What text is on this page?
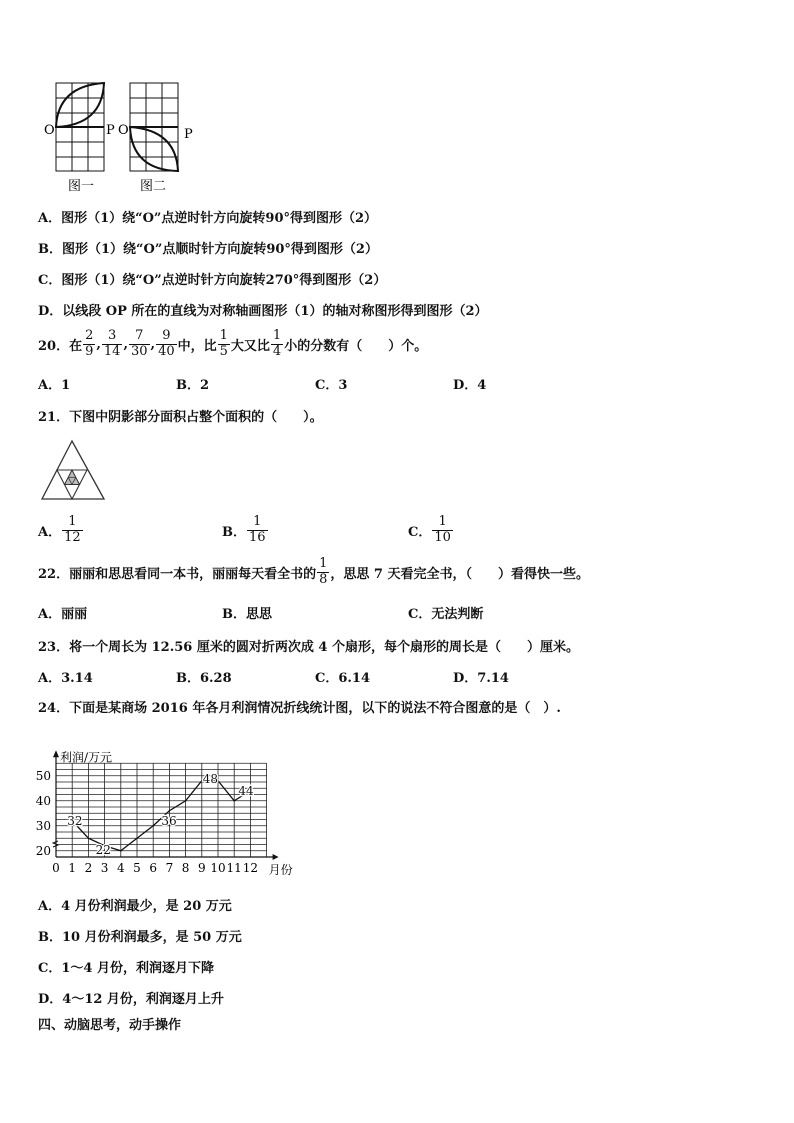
O	P O	P
图一	图二
A．图形（1）绕“O”点逆时针方向旋转90°得到图形（2）
B．图形（1）绕“O”点顺时针方向旋转90°得到图形（2）
C．图形（1）绕“O”点逆时针方向旋转270°得到图形（2）
D．以线段 OP 所在的直线为对称轴画图形（1）的轴对称图形得到图形（2）
20．在 $\frac{2}{9}$ , $\frac{3}{14}$ , $\frac{7}{30}$ , $\frac{9}{40}$ 中，比 $\frac{1}{5}$ 大又比 $\frac{1}{4}$ 小的分数有（　　）个。
A．1	B．2	C．3	D．4
21．下图中阴影部分面积占整个面积的（　　）。
A． $\frac{1}{12}$	B． $\frac{1}{16}$	C． $\frac{1}{10}$
22．丽丽和思思看同一本书，丽丽每天看全书的 $\frac{1}{8}$ ，思思 7 天看完全书，（　　）看得快一些。
A．丽丽	B．思思	C．无法判断
23．将一个周长为 12.56 厘米的圆对折两次成 4 个扇形，每个扇形的周长是（　　）厘米。
A．3.14	B．6.28	C．6.14	D．7.14
24．下面是某商场 2016 年各月利润情况折线统计图，以下的说法不符合图意的是（　）.
0 1 2 3 4 5 6 7 8 9 10 11 12
20
30
40
50
32
22
36
48
44
利润/万元
月份
A．4 月份利润最少，是 20 万元
B．10 月份利润最多，是 50 万元
C．1～4 月份，利润逐月下降
D．4～12 月份，利润逐月上升
四、动脑思考，动手操作
